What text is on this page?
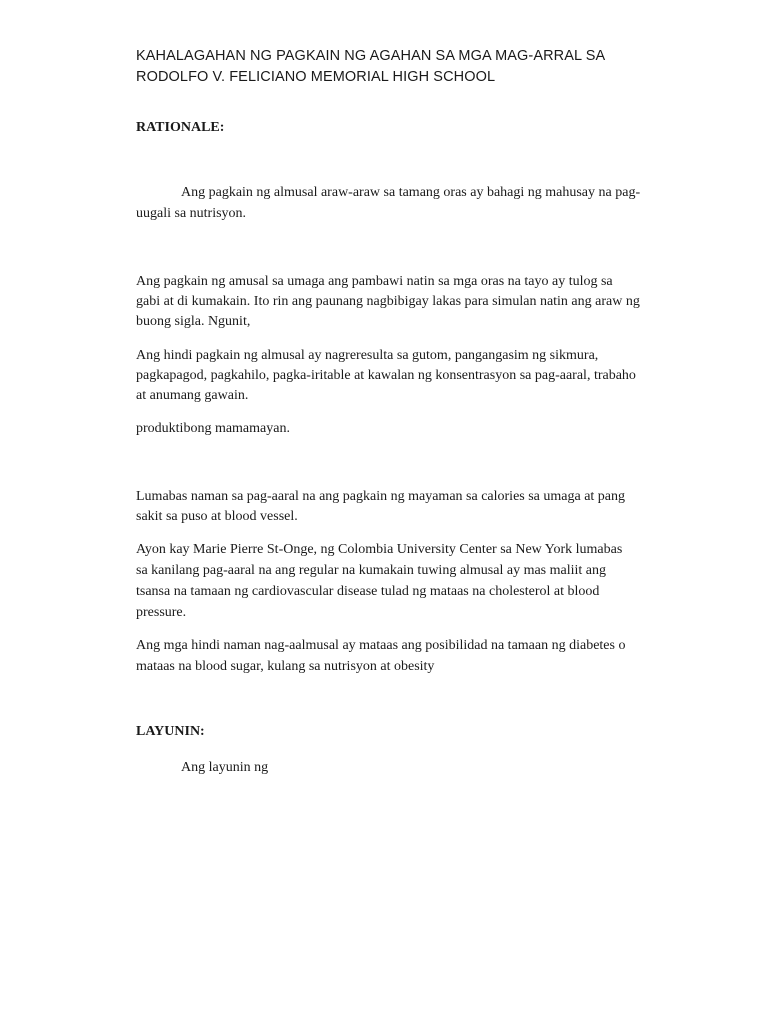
KAHALAGAHAN NG PAGKAIN NG AGAHAN SA MGA MAG-ARRAL SA
RODOLFO V. FELICIANO MEMORIAL HIGH SCHOOL
RATIONALE:
Ang pagkain ng almusal araw-araw sa tamang oras ay bahagi ng mahusay na pag-
uugali sa nutrisyon.
Ang pagkain ng amusal sa umaga ang pambawi natin sa mga oras na tayo ay tulog sa
gabi at di kumakain. Ito rin ang paunang nagbibigay lakas para simulan natin ang araw ng
buong sigla. Ngunit,
Ang hindi pagkain ng almusal ay nagreresulta sa gutom, pangangasim ng sikmura,
pagkapagod, pagkahilo, pagka-iritable at kawalan ng konsentrasyon sa pag-aaral, trabaho
at anumang gawain.
produktibong mamamayan.
Lumabas naman sa pag-aaral na ang pagkain ng mayaman sa calories sa umaga at pang
sakit sa puso at blood vessel.
Ayon kay Marie Pierre St-Onge, ng Colombia University Center sa New York lumabas
sa kanilang pag-aaral na ang regular na kumakain tuwing almusal ay mas maliit ang
tsansa na tamaan ng cardiovascular disease tulad ng mataas na cholesterol at blood
pressure.
Ang mga hindi naman nag-aalmusal ay mataas ang posibilidad na tamaan ng diabetes o
mataas na blood sugar, kulang sa nutrisyon at obesity
LAYUNIN:
Ang layunin ng
